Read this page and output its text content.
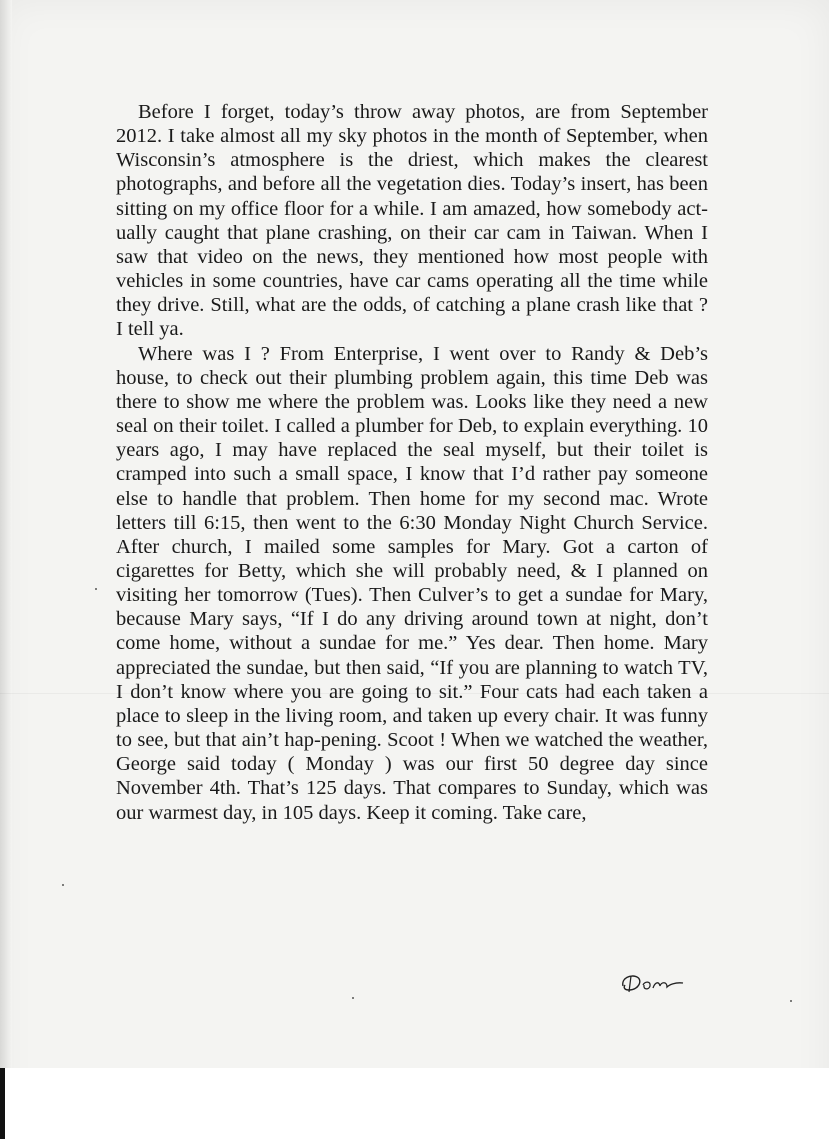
Before I forget, today’s throw away photos, are from September 2012. I take almost all my sky photos in the month of September, when Wisconsin’s atmosphere is the driest, which makes the clearest photographs, and before all the vegetation dies. Today’s insert, has been sitting on my office floor for a while. I am amazed, how somebody act-ually caught that plane crashing, on their car cam in Taiwan. When I saw that video on the news, they mentioned how most people with vehicles in some countries, have car cams operating all the time while they drive. Still, what are the odds, of catching a plane crash like that ? I tell ya.

Where was I ? From Enterprise, I went over to Randy & Deb’s house, to check out their plumbing problem again, this time Deb was there to show me where the problem was. Looks like they need a new seal on their toilet. I called a plumber for Deb, to explain everything. 10 years ago, I may have replaced the seal myself, but their toilet is cramped into such a small space, I know that I’d rather pay someone else to handle that problem. Then home for my second mac. Wrote letters till 6:15, then went to the 6:30 Monday Night Church Service. After church, I mailed some samples for Mary. Got a carton of cigarettes for Betty, which she will probably need, & I planned on visiting her tomorrow (Tues). Then Culver’s to get a sundae for Mary, because Mary says, “If I do any driving around town at night, don’t come home, without a sundae for me.” Yes dear. Then home. Mary appreciated the sundae, but then said, “If you are planning to watch TV, I don’t know where you are going to sit.” Four cats had each taken a place to sleep in the living room, and taken up every chair. It was funny to see, but that ain’t hap-pening. Scoot ! When we watched the weather, George said today ( Monday ) was our first 50 degree day since November 4th. That’s 125 days. That compares to Sunday, which was our warmest day, in 105 days. Keep it coming. Take care,
